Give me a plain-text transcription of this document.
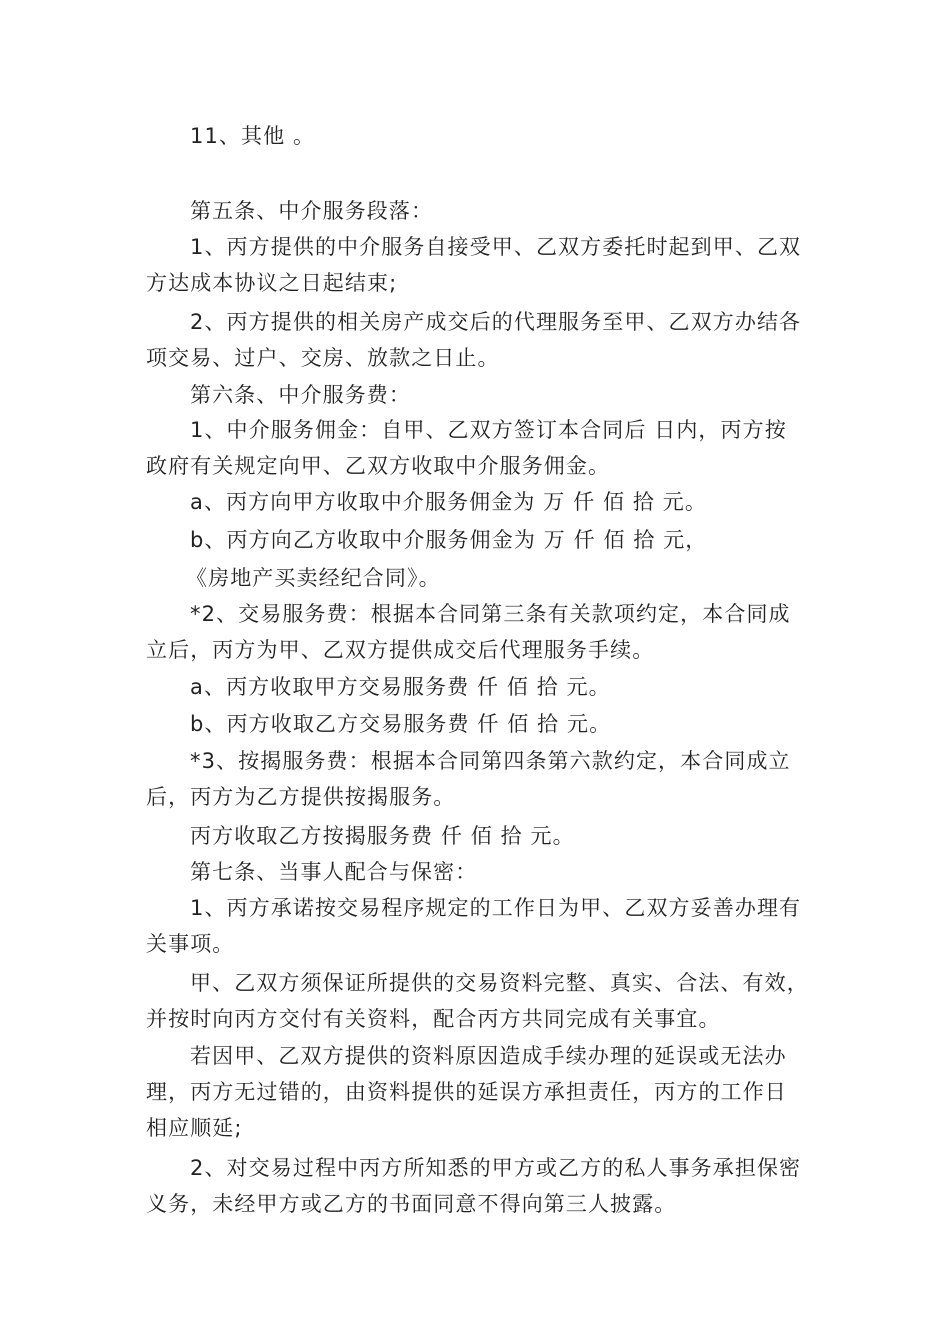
11、其他 。
第五条、中介服务段落：
1、丙方提供的中介服务自接受甲、乙双方委托时起到甲、乙双
方达成本协议之日起结束;
2、丙方提供的相关房产成交后的代理服务至甲、乙双方办结各
项交易、过户、交房、放款之日止。
第六条、中介服务费：
1、中介服务佣金：自甲、乙双方签订本合同后 日内，丙方按
政府有关规定向甲、乙双方收取中介服务佣金。
a、丙方向甲方收取中介服务佣金为 万 仟 佰 拾 元。
b、丙方向乙方收取中介服务佣金为 万 仟 佰 拾 元，
《房地产买卖经纪合同》。
*2、交易服务费：根据本合同第三条有关款项约定，本合同成
立后，丙方为甲、乙双方提供成交后代理服务手续。
a、丙方收取甲方交易服务费 仟 佰 拾 元。
b、丙方收取乙方交易服务费 仟 佰 拾 元。
*3、按揭服务费：根据本合同第四条第六款约定，本合同成立
后，丙方为乙方提供按揭服务。
丙方收取乙方按揭服务费 仟 佰 拾 元。
第七条、当事人配合与保密：
1、丙方承诺按交易程序规定的工作日为甲、乙双方妥善办理有
关事项。
甲、乙双方须保证所提供的交易资料完整、真实、合法、有效，
并按时向丙方交付有关资料，配合丙方共同完成有关事宜。
若因甲、乙双方提供的资料原因造成手续办理的延误或无法办
理，丙方无过错的，由资料提供的延误方承担责任，丙方的工作日
相应顺延;
2、对交易过程中丙方所知悉的甲方或乙方的私人事务承担保密
义务，未经甲方或乙方的书面同意不得向第三人披露。
